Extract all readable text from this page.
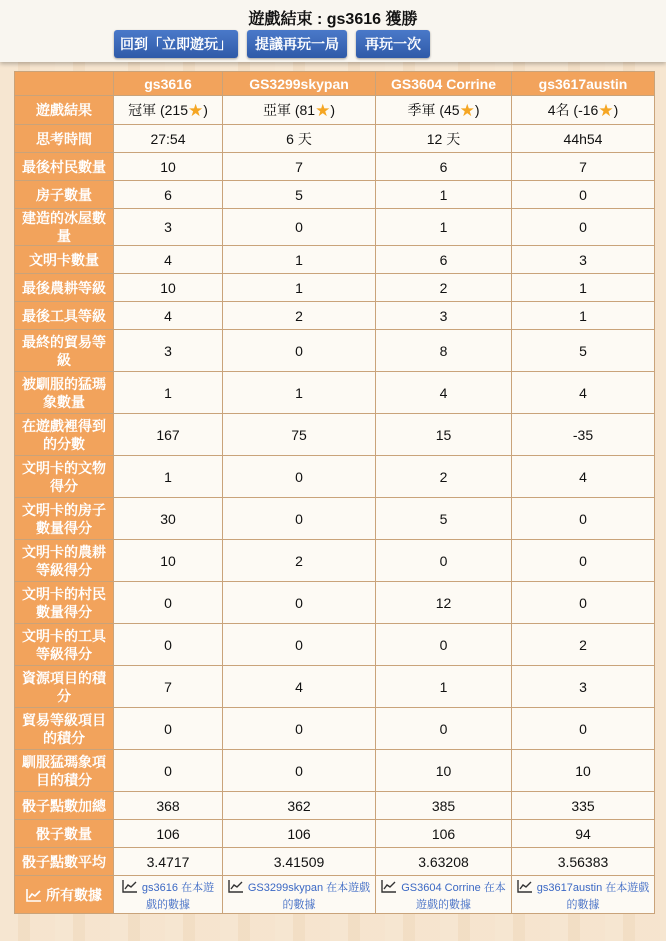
遊戲結束 : gs3616 獲勝
回到「立即遊玩」	提議再玩一局	再玩一次
	gs3616	GS3299skypan	GS3604 Corrine	gs3617austin
遊戲結果	冠軍 (215★)	亞軍 (81★)	季軍 (45★)	4名 (-16★)
思考時間	27:54	6 天	12 天	44h54
最後村民數量	10	7	6	7
房子數量	6	5	1	0
建造的冰屋數量	3	0	1	0
文明卡數量	4	1	6	3
最後農耕等級	10	1	2	1
最後工具等級	4	2	3	1
最終的貿易等級	3	0	8	5
被馴服的猛瑪象數量	1	1	4	4
在遊戲裡得到的分數	167	75	15	-35
文明卡的文物得分	1	0	2	4
文明卡的房子數量得分	30	0	5	0
文明卡的農耕等級得分	10	2	0	0
文明卡的村民數量得分	0	0	12	0
文明卡的工具等級得分	0	0	0	2
資源項目的積分	7	4	1	3
貿易等級項目的積分	0	0	0	0
馴服猛瑪象項目的積分	0	0	10	10
骰子點數加總	368	362	385	335
骰子數量	106	106	106	94
骰子點數平均	3.4717	3.41509	3.63208	3.56383
所有數據	gs3616 在本遊戲的數據	GS3299skypan 在本遊戲的數據	GS3604 Corrine 在本遊戲的數據	gs3617austin 在本遊戲的數據
